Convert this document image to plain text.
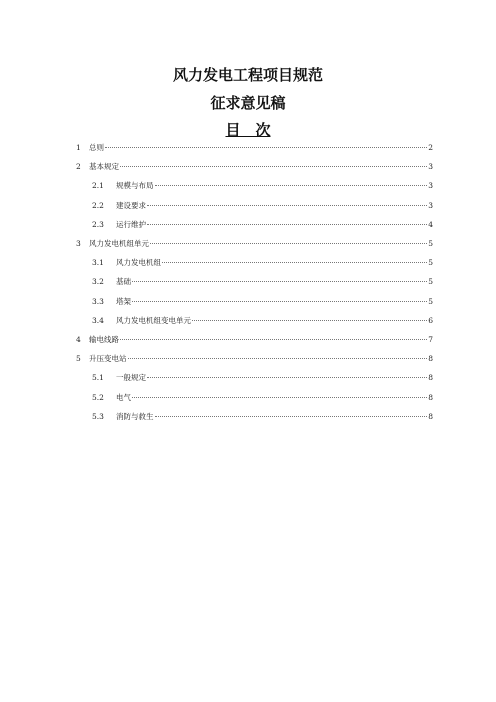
风力发电工程项目规范
征求意见稿
目　次
1	总则	2
2	基本规定	3
2.1	规模与布局	3
2.2	建设要求	3
2.3	运行维护	4
3	风力发电机组单元	5
3.1	风力发电机组	5
3.2	基础	5
3.3	塔架	5
3.4	风力发电机组变电单元	6
4	输电线路	7
5	升压变电站	8
5.1	一般规定	8
5.2	电气	8
5.3	消防与救生	8
